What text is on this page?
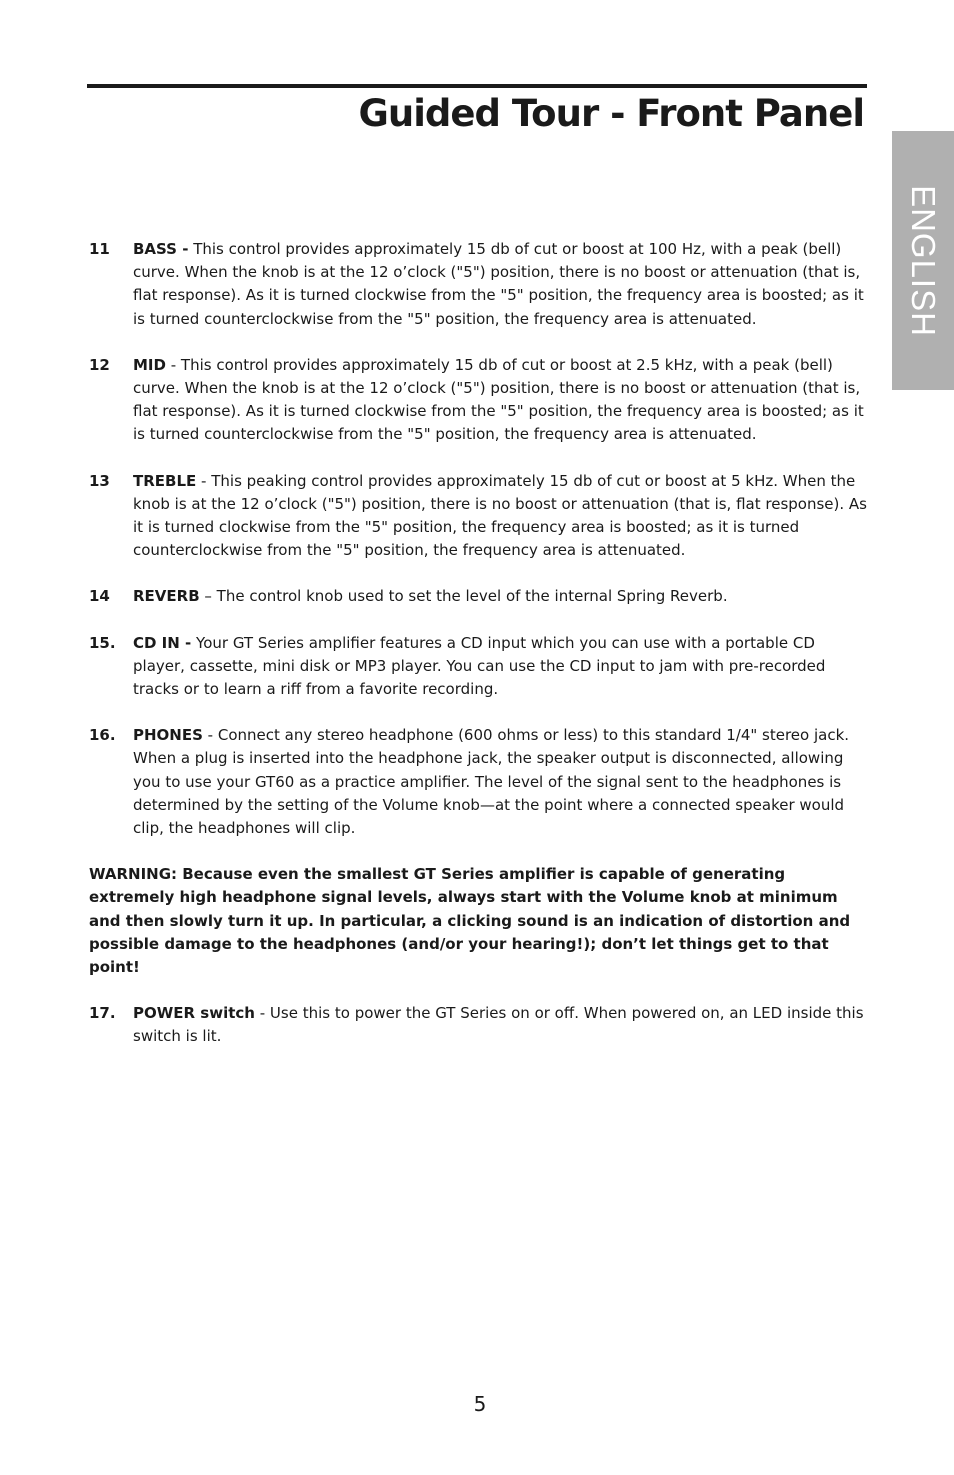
Guided Tour - Front Panel
ENGLISH
11 BASS - This control provides approximately 15 db of cut or boost at 100 Hz, with a peak (bell) curve. When the knob is at the 12 o’clock ("5") position, there is no boost or attenuation (that is, flat response). As it is turned clockwise from the "5" position, the frequency area is boosted; as it is turned counterclockwise from the "5" position, the frequency area is attenuated.
12 MID - This control provides approximately 15 db of cut or boost at 2.5 kHz, with a peak (bell) curve. When the knob is at the 12 o’clock ("5") position, there is no boost or attenuation (that is, flat response). As it is turned clockwise from the "5" position, the frequency area is boosted; as it is turned counterclockwise from the "5" position, the frequency area is attenuated.
13 TREBLE - This peaking control provides approximately 15 db of cut or boost at 5 kHz. When the knob is at the 12 o’clock ("5") position, there is no boost or attenuation (that is, flat response). As it is turned clockwise from the "5" position, the frequency area is boosted; as it is turned counterclockwise from the "5" position, the frequency area is attenuated.
14 REVERB – The control knob used to set the level of the internal Spring Reverb.
15. CD IN - Your GT Series amplifier features a CD input which you can use with a portable CD player, cassette, mini disk or MP3 player. You can use the CD input to jam with pre-recorded tracks or to learn a riff from a favorite recording.
16. PHONES - Connect any stereo headphone (600 ohms or less) to this standard 1/4" stereo jack. When a plug is inserted into the headphone jack, the speaker output is disconnected, allowing you to use your GT60 as a practice amplifier. The level of the signal sent to the headphones is determined by the setting of the Volume knob—at the point where a connected speaker would clip, the headphones will clip.
WARNING: Because even the smallest GT Series amplifier is capable of generating extremely high headphone signal levels, always start with the Volume knob at minimum and then slowly turn it up. In particular, a clicking sound is an indication of distortion and possible damage to the headphones (and/or your hearing!); don’t let things get to that point!
17. POWER switch - Use this to power the GT Series on or off. When powered on, an LED inside this switch is lit.
5
